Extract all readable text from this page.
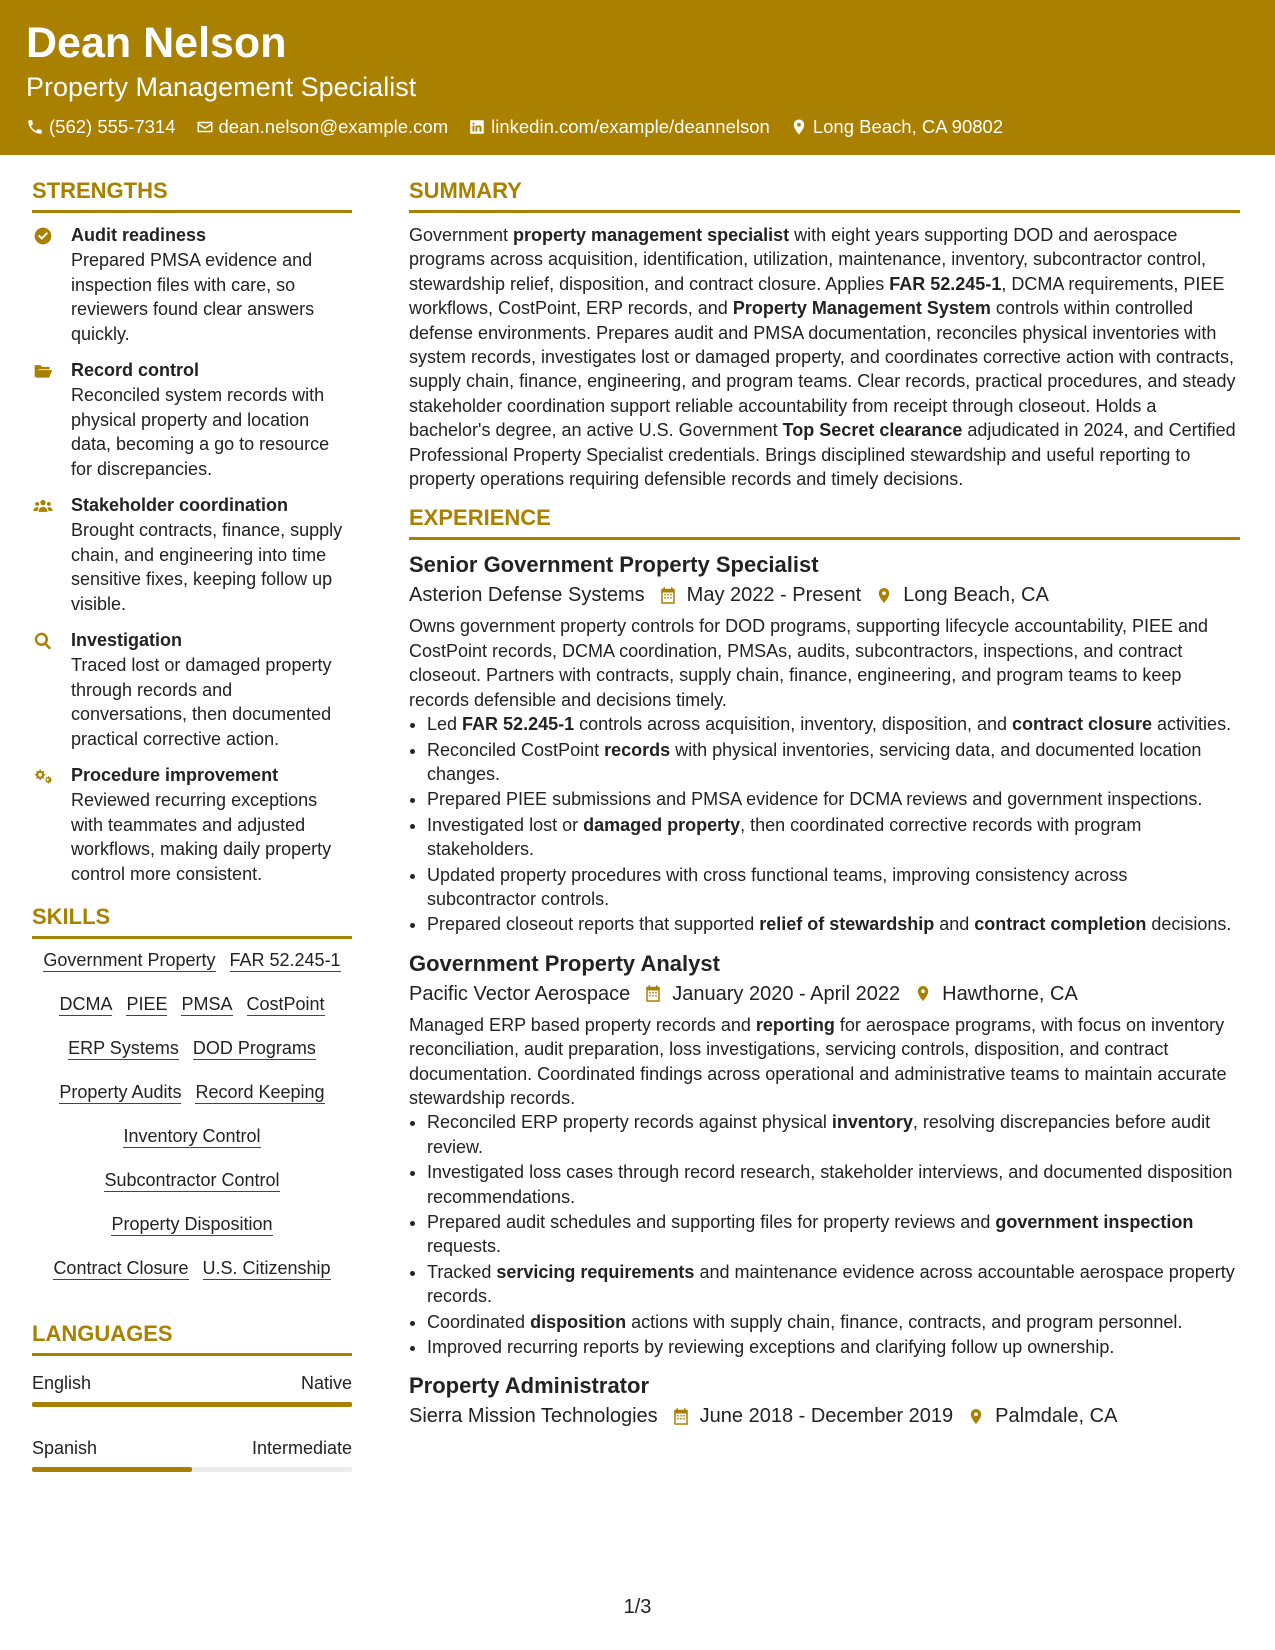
Dean Nelson
Property Management Specialist
(562) 555-7314 dean.nelson@example.com linkedin.com/example/deannelson Long Beach, CA 90802
STRENGTHS
Audit readiness
Prepared PMSA evidence and inspection files with care, so reviewers found clear answers quickly.
Record control
Reconciled system records with physical property and location data, becoming a go to resource for discrepancies.
Stakeholder coordination
Brought contracts, finance, supply chain, and engineering into time sensitive fixes, keeping follow up visible.
Investigation
Traced lost or damaged property through records and conversations, then documented practical corrective action.
Procedure improvement
Reviewed recurring exceptions with teammates and adjusted workflows, making daily property control more consistent.
SKILLS
Government Property FAR 52.245-1
DCMA PIEE PMSA CostPoint
ERP Systems DOD Programs
Property Audits Record Keeping
Inventory Control
Subcontractor Control
Property Disposition
Contract Closure U.S. Citizenship
LANGUAGES
English	Native
Spanish	Intermediate
SUMMARY

Government property management specialist with eight years supporting DOD and aerospace programs across acquisition, identification, utilization, maintenance, inventory, subcontractor control, stewardship relief, disposition, and contract closure. Applies FAR 52.245-1, DCMA requirements, PIEE workflows, CostPoint, ERP records, and Property Management System controls within controlled defense environments. Prepares audit and PMSA documentation, reconciles physical inventories with system records, investigates lost or damaged property, and coordinates corrective action with contracts, supply chain, finance, engineering, and program teams. Clear records, practical procedures, and steady stakeholder coordination support reliable accountability from receipt through closeout. Holds a bachelor's degree, an active U.S. Government Top Secret clearance adjudicated in 2024, and Certified Professional Property Specialist credentials. Brings disciplined stewardship and useful reporting to property operations requiring defensible records and timely decisions.

EXPERIENCE
Senior Government Property Specialist
Asterion Defense Systems May 2022 - Present Long Beach, CA
Owns government property controls for DOD programs, supporting lifecycle accountability, PIEE and CostPoint records, DCMA coordination, PMSAs, audits, subcontractors, inspections, and contract closeout. Partners with contracts, supply chain, finance, engineering, and program teams to keep records defensible and decisions timely.
• Led FAR 52.245-1 controls across acquisition, inventory, disposition, and contract closure activities.
• Reconciled CostPoint records with physical inventories, servicing data, and documented location changes.
• Prepared PIEE submissions and PMSA evidence for DCMA reviews and government inspections.
• Investigated lost or damaged property, then coordinated corrective records with program stakeholders.
• Updated property procedures with cross functional teams, improving consistency across subcontractor controls.
• Prepared closeout reports that supported relief of stewardship and contract completion decisions.
Government Property Analyst
Pacific Vector Aerospace January 2020 - April 2022 Hawthorne, CA
Managed ERP based property records and reporting for aerospace programs, with focus on inventory reconciliation, audit preparation, loss investigations, servicing controls, disposition, and contract documentation. Coordinated findings across operational and administrative teams to maintain accurate stewardship records.
• Reconciled ERP property records against physical inventory, resolving discrepancies before audit review.
• Investigated loss cases through record research, stakeholder interviews, and documented disposition recommendations.
• Prepared audit schedules and supporting files for property reviews and government inspection requests.
• Tracked servicing requirements and maintenance evidence across accountable aerospace property records.
• Coordinated disposition actions with supply chain, finance, contracts, and program personnel.
• Improved recurring reports by reviewing exceptions and clarifying follow up ownership.
Property Administrator
Sierra Mission Technologies June 2018 - December 2019 Palmdale, CA
1/3
